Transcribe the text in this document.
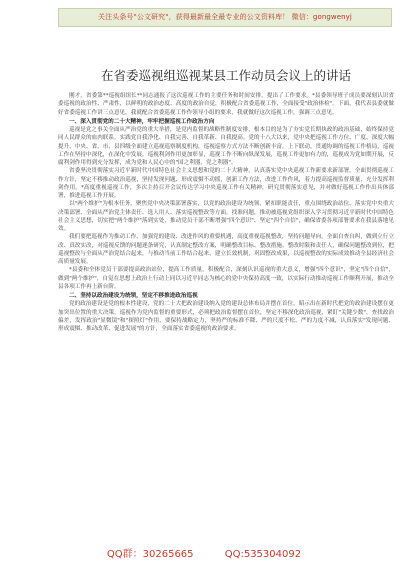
关注头条号"公文研究"，获得最新最全最专业的公文资料库！ 微信：gongwenyj
在省委巡视组巡视某县工作动员会议上的讲话

刚才，省委第**巡视组组长**同志通报了这次巡视工作的主要任务和时间安排，提出了工作要求。*县委领导班子成员要深刻认识省委巡视的政治性、严肃性，以鲜明的政治态度、高度的政治自觉，积极配合省委巡视工作，全面接受"政治体检"。下面，我代表县委就做好省委巡视工作讲三点意见，我就配合省委巡视工作作领导小组的要求，我就做好这次巡视工作，强调三点意见。

一、深入贯彻党的二十大精神，牢牢把握巡视工作政治方向

巡视是党之事关全面从严治党的重大举措，是党内监督的战略性制度安排，根本目的是为了夯实党长期执政的政治基础，始终保持党同人民群众的血肉联系。实践党自我净化、自我完善、自我革新、自我提高。党的十八大以来，党中央把巡视工作方位、广度、深度大幅提升，中央、省、市、县四级全面建立巡视巡察制度机构，巡视巡察方式方法不断创新丰富，上下联动，贯通协调的巡视工作格局，巡视工作在坚持中深化，在深化中发展，巡视利剑作用更加彰显，巡视工作不断向纵深发展，巡视工作更加有力的，巡视成为党如期开展，反腐利剑作用得到充分发挥，成为党和人民心中的"国之利器，党之利器"。

省委坚决贯彻落实习近平新时代中国特色社会主义思想和党的二十大精神，认真落实党中央巡视工作新要求新部署，全面贯彻巡视工作方针，坚定不移推动政治巡视，坚持发现问题、形成震慑不动摇，创新工作方法，改进工作作风，着力提高巡视监督质量，充分发挥利剑作用。*高度重视巡视工作，多次主持召开会议传达学习中央巡视工作有关精神，研究贯彻落实意见，并对做好巡视工作作出具体部署，推进巡视工作开展。

以"两个维护"为根本任务，聚焦党中央决策部署落实，以党的政治建设为统领，紧扣职能责任，重点围绕政治站位、落实党中央重大决策部署、全面从严治党主体责任、选人用人、落实巡视整改等方面，找准问题，推动被巡视党组织深入学习贯彻习近平新时代中国特色社会主义思想，切实把"两个维护"落到实处，推动党员干部不断增强"四个意识"、坚定"四个自信"，确保省委各项部署要求在我县落地见效。

我们要把巡视作为推动工作、加强党的建设、改进作风的重要机遇，高度重视巡视整改，坚持问题导向，全面自查自纠，做到立行立改、真改实改，对巡视反馈的问题逐条研究，认真制定整改方案，明确整改目标、整改措施、整改时限和责任人，确保问题整改到位，把巡视整改与全面从严治党结合起来，与推动当前工作结合起来，建立长效机制，巩固整改成果，以巡视整改的实际成效推动全县经济社会高质量发展。

*县委和全体党员干部要提高政治站位，提高工作质量，积极配合，深刻认识巡视的重大意义，增强"四个意识"，坚定"四个自信"，做到"两个维护"，自觉在思想上政治上行动上同以习近平同志为核心的党中央保持高度一致，以实际行动推动巡视工作顺利开展，推动全县各项工作再上新台阶。

二、坚持以政治建设为统领，坚定不移推进政治巡视

党的政治建设是党的根本性建设，党的二十大把政治建设纳入党的建设总体布局并摆在首位，昭示出在新时代把党的政治建设摆在更加突出位置的重大决策，巡视作为党内监督的重要形式，必须把政治监督摆在首位，坚定不移深化政治巡视，紧盯"关键少数"，查找政治偏差，发挥政治"显微镜"和"探照灯"作用，要保持战略定力，坚持严的标准不降、严的尺度不松、严的力度不减，认真落实"发现问题、形成震慑、推动改革、促进发展"的方针，全面落实省委巡视的政治要求。

QQ群：30265665	QQ:535304092
